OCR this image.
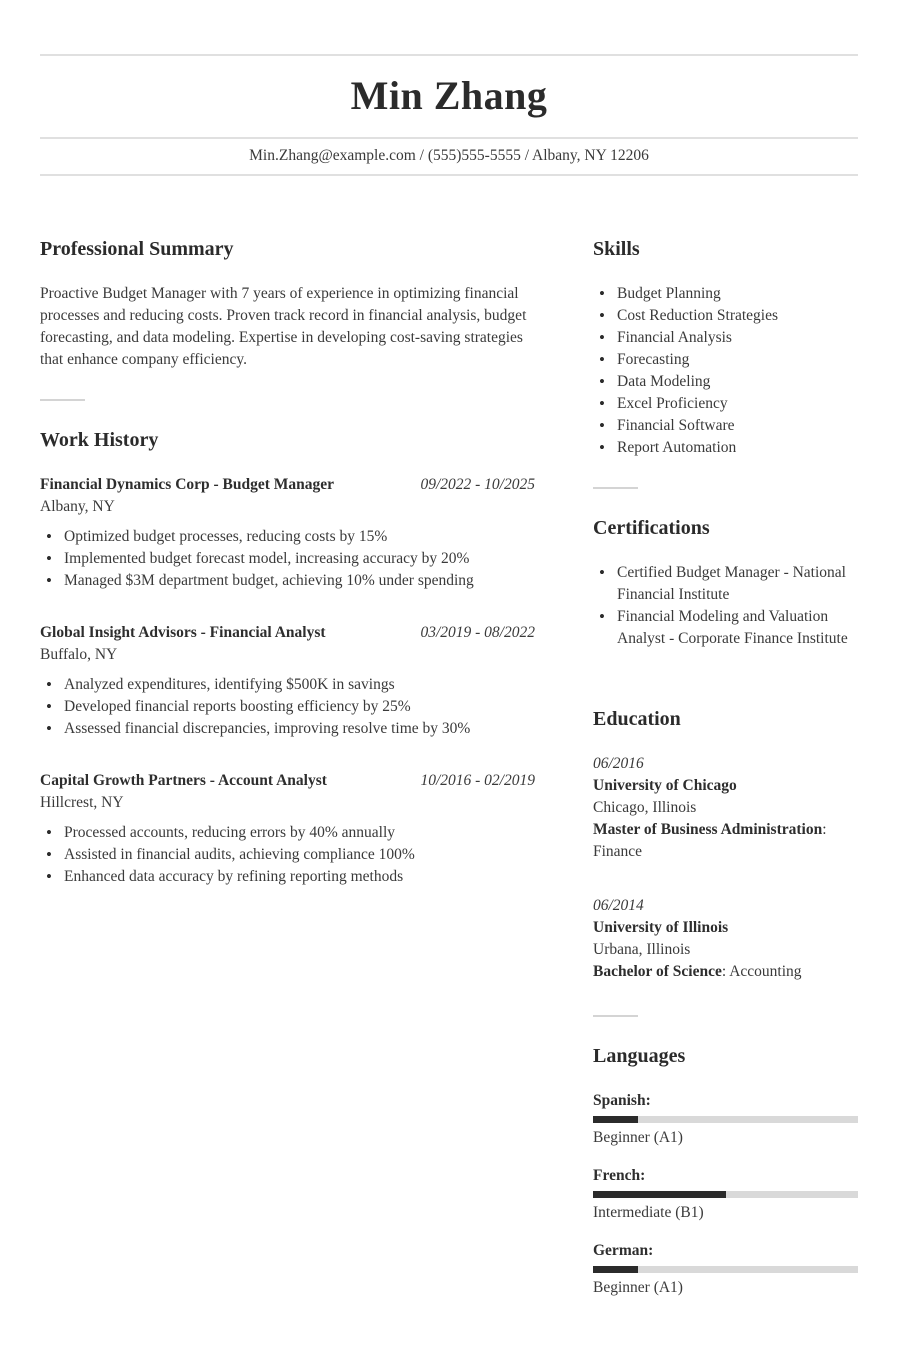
Min Zhang
Min.Zhang@example.com / (555)555-5555 / Albany, NY 12206
Professional Summary

Proactive Budget Manager with 7 years of experience in optimizing financial processes and reducing costs. Proven track record in financial analysis, budget forecasting, and data modeling. Expertise in developing cost-saving strategies that enhance company efficiency.

Work History
Financial Dynamics Corp - Budget Manager	09/2022 - 10/2025
Albany, NY
• Optimized budget processes, reducing costs by 15%
• Implemented budget forecast model, increasing accuracy by 20%
• Managed $3M department budget, achieving 10% under spending
Global Insight Advisors - Financial Analyst	03/2019 - 08/2022
Buffalo, NY
• Analyzed expenditures, identifying $500K in savings
• Developed financial reports boosting efficiency by 25%
• Assessed financial discrepancies, improving resolve time by 30%
Capital Growth Partners - Account Analyst	10/2016 - 02/2019
Hillcrest, NY
• Processed accounts, reducing errors by 40% annually
• Assisted in financial audits, achieving compliance 100%
• Enhanced data accuracy by refining reporting methods
Skills
• Budget Planning
• Cost Reduction Strategies
• Financial Analysis
• Forecasting
• Data Modeling
• Excel Proficiency
• Financial Software
• Report Automation
Certifications
• Certified Budget Manager - National Financial Institute
• Financial Modeling and Valuation Analyst - Corporate Finance Institute
Education
06/2016
University of Chicago
Chicago, Illinois
Master of Business Administration: Finance
06/2014
University of Illinois
Urbana, Illinois
Bachelor of Science: Accounting
Languages
Spanish:
Beginner (A1)
French:
Intermediate (B1)
German:
Beginner (A1)
